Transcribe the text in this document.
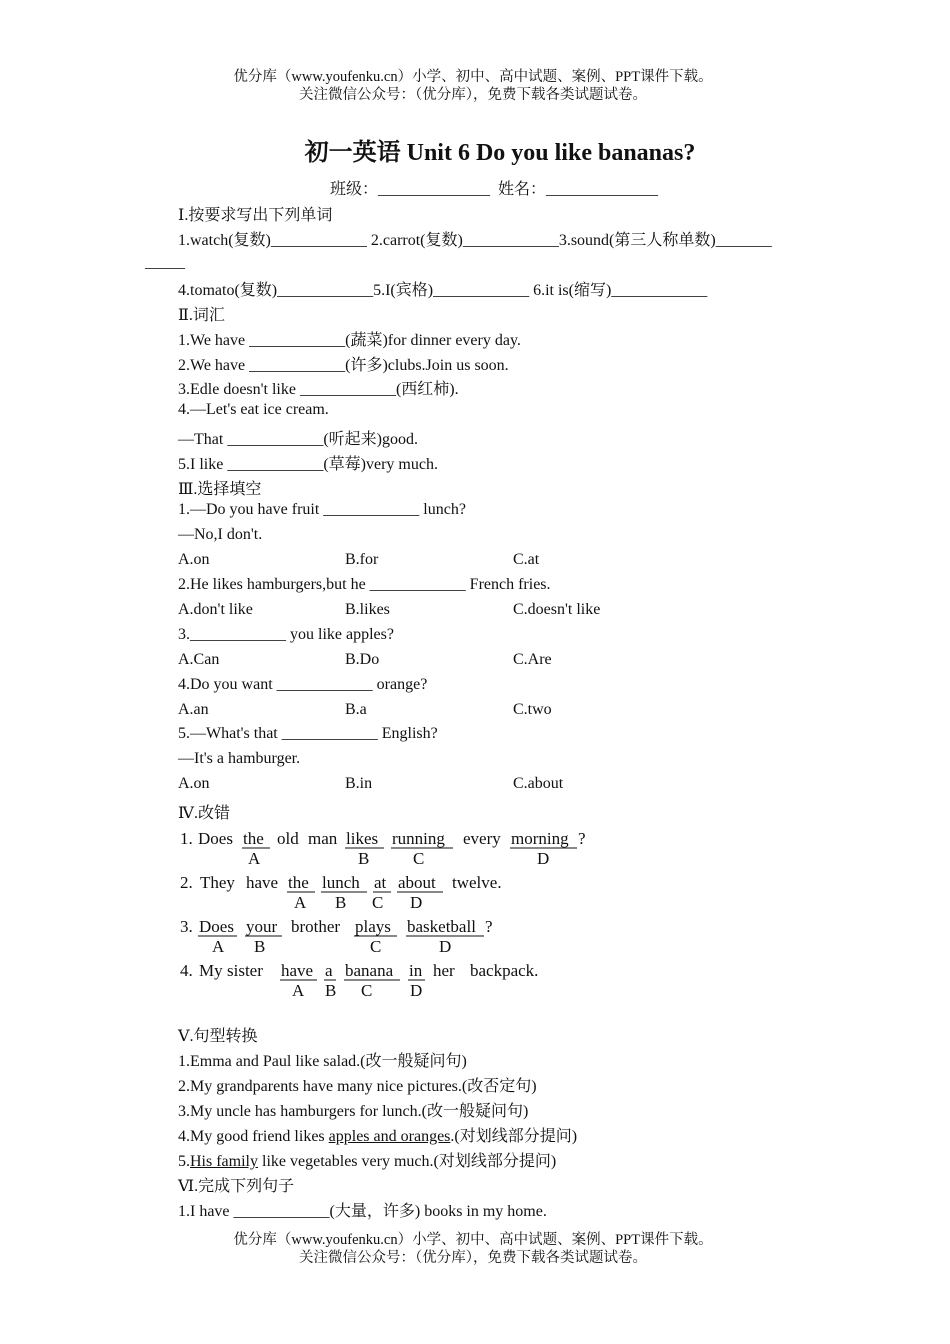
优分库（www.youfenku.cn）小学、初中、高中试题、案例、PPT课件下载。
关注微信公众号：（优分库），免费下载各类试题试卷。
初一英语 Unit 6 Do you like bananas?
班级：______________  姓名：______________
Ⅰ.按要求写出下列单词
1.watch(复数)____________ 2.carrot(复数)____________3.sound(第三人称单数)_______
_____
4.tomato(复数)____________5.I(宾格)____________ 6.it is(缩写)____________
Ⅱ.词汇
1.We have ____________(蔬菜)for dinner every day.
2.We have ____________(许多)clubs.Join us soon.
3.Edle doesn't like ____________(西红柿).
4.—Let's eat ice cream.
—That ____________(听起来)good.
5.I like ____________(草莓)very much.
Ⅲ.选择填空
1.—Do you have fruit ____________ lunch?
—No,I don't.
A.on	B.for	C.at
2.He likes hamburgers,but he ____________ French fries.
A.don't like	B.likes	C.doesn't like
3.____________ you like apples?
A.Can	B.Do	C.Are
4.Do you want ____________ orange?
A.an	B.a	C.two
5.—What's that ____________ English?
—It's a hamburger.
A.on	B.in	C.about
Ⅳ.改错
1. Does the old man likes running every morning ?
A	B	C	D
2. They have the lunch at about twelve.
A B C D
3. Does your brother plays basketball ?
A B	C	D
4. My sister have a banana in her backpack.
A B C D
Ⅴ.句型转换
1.Emma and Paul like salad.(改一般疑问句)
2.My grandparents have many nice pictures.(改否定句)
3.My uncle has hamburgers for lunch.(改一般疑问句)
4.My good friend likes apples and oranges.(对划线部分提问)
5.His family like vegetables very much.(对划线部分提问)
Ⅵ.完成下列句子
1.I have ____________(大量，许多) books in my home.
优分库（www.youfenku.cn）小学、初中、高中试题、案例、PPT课件下载。
关注微信公众号：（优分库），免费下载各类试题试卷。
